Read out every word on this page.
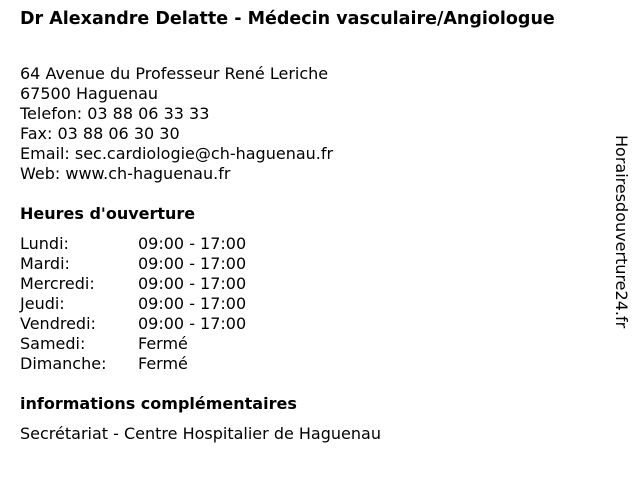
Dr Alexandre Delatte - Médecin vasculaire/Angiologue
64 Avenue du Professeur René Leriche
67500 Haguenau
Telefon: 03 88 06 33 33
Fax: 03 88 06 30 30
Email: sec.cardiologie@ch-haguenau.fr
Web: www.ch-haguenau.fr
Heures d'ouverture
Lundi:	09:00 - 17:00
Mardi:	09:00 - 17:00
Mercredi:	09:00 - 17:00
Jeudi:	09:00 - 17:00
Vendredi:	09:00 - 17:00
Samedi:	Fermé
Dimanche:	Fermé
informations complémentaires
Secrétariat - Centre Hospitalier de Haguenau
Horairesdouverture24.fr
